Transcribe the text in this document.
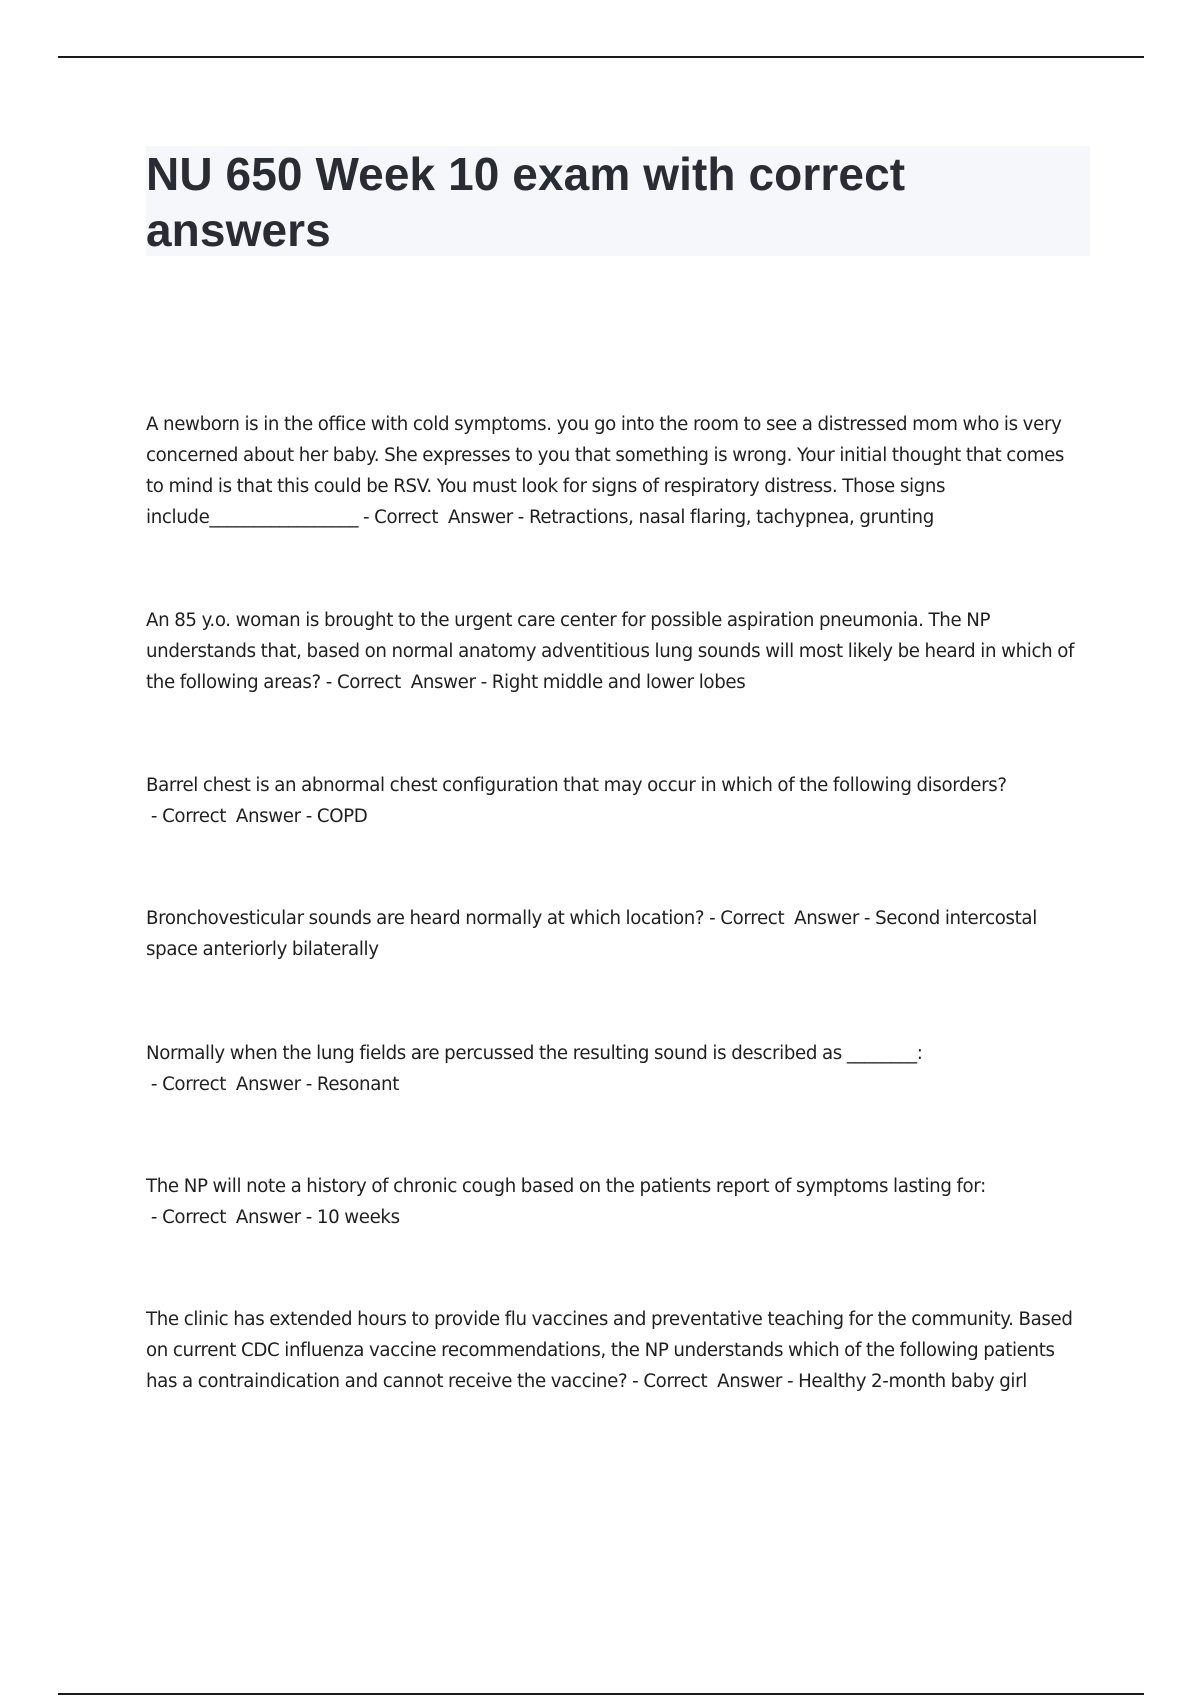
NU 650 Week 10 exam with correct answers

A newborn is in the office with cold symptoms. you go into the room to see a distressed mom who is very concerned about her baby. She expresses to you that something is wrong. Your initial thought that comes to mind is that this could be RSV. You must look for signs of respiratory distress. Those signs include_________________ - Correct  Answer - Retractions, nasal flaring, tachypnea, grunting

An 85 y.o. woman is brought to the urgent care center for possible aspiration pneumonia. The NP understands that, based on normal anatomy adventitious lung sounds will most likely be heard in which of the following areas? - Correct  Answer - Right middle and lower lobes

Barrel chest is an abnormal chest configuration that may occur in which of the following disorders? - Correct  Answer - COPD

Bronchovesticular sounds are heard normally at which location? - Correct  Answer - Second intercostal space anteriorly bilaterally

Normally when the lung fields are percussed the resulting sound is described as ________: - Correct  Answer - Resonant

The NP will note a history of chronic cough based on the patients report of symptoms lasting for: - Correct  Answer - 10 weeks

The clinic has extended hours to provide flu vaccines and preventative teaching for the community. Based on current CDC influenza vaccine recommendations, the NP understands which of the following patients has a contraindication and cannot receive the vaccine? - Correct  Answer - Healthy 2-month baby girl
